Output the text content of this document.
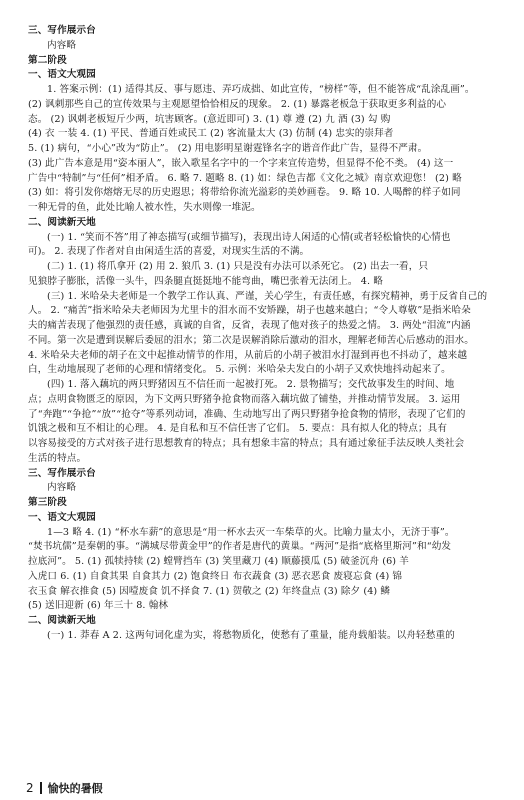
三、写作展示台
内容略
第二阶段
一、语文大观园
1. 答案示例：(1) 适得其反、事与愿违、弄巧成拙、如此宣传，“榜样”等，但不能答成“乱涂乱画”。
(2) 讽刺那些自己的宣传效果与主观愿望恰恰相反的现象。 2. (1) 暴露老板急于获取更多利益的心
态。 (2) 讽刺老板短斤少两，坑害顾客。(意近即可) 3. (1) 尊 遵 (2) 九 酒 (3) 勾 购
(4) 衣 一装 4. (1) 平民、普通百姓或民工 (2) 客流量太大 (3) 仿制 (4) 忠实的崇拜者
5. (1) 病句，“小心”改为“防止”。 (2) 用电影明星谢霆锋名字的谐音作此广告，显得不严肃。
(3) 此广告本意是用“姿本丽人”，嵌入歌星名字中的一个字来宣传造势，但显得不伦不类。 (4) 这一
广告中“特制”与“任何”相矛盾。 6. 略 7. 题略 8. (1) 如：绿色吉都《文化之城》南京欢迎您！ (2) 略
(3) 如：将引发你熔熔无尽的历史遐思；将带给你流光溢彩的美妙画卷。 9. 略 10. 人喝醉的样子如同
一种无骨的鱼，此处比喻人被水性，失水则像一堆泥。
二、阅读新天地
(一) 1. “笑而不答”用了神态描写(或细节描写)，表现出诗人闲适的心情(或者轻松愉快的心情也
可)。 2. 表现了作者对自由闲适生活的喜爱，对现实生活的不满。
(二) 1. (1) 将爪拿开 (2) 用 2. 狼爪 3. (1) 只是没有办法可以杀死它。 (2) 出去一看，只
见狼脖子膨胀，活像一头牛，四条腿直挺挺地不能弯曲，嘴巴张着无法闭上。 4. 略
(三) 1. 米哈朵夫老师是一个教学工作认真、严谨，关心学生，有责任感，有探究精神，勇于反省自己的
人。 2. “痛苦”指米哈朵夫老师因为尤里卡的泪水而不安矫躁，胡子也越来越白；“令人尊敬”是指米哈朵
夫的痛苦表现了他强烈的责任感，真诚的自省，反省，表现了他对孩子的热爱之情。 3. 两处“泪流”内涵
不同。第一次是遭到误解后委屈的泪水；第二次是误解消除后激动的泪水，理解老师苦心后感动的泪水。
4. 米哈朵夫老师的胡子在文中起推动情节的作用，从前后的小胡子被泪水打湿到再也不抖动了，越来越
白，生动地展现了老师的心理和情绪变化。 5. 示例：米哈朵夫发白的小胡子又欢快地抖动起来了。
(四) 1. 落入藕坑的两只野猪因互不信任而一起被打死。 2. 景物描写；交代故事发生的时间、地
点；点明食物匮乏的原因，为下文两只野猪争抢食物而落入藕坑做了铺垫，并推动情节发展。 3. 运用
了“奔跑”“争抢”“放”“抢夺”等系列动词，准确、生动地写出了两只野猪争抢食物的情形，表现了它们的
饥饿之极和互不相让的心理。 4. 是自私和互不信任害了它们。 5. 要点：具有拟人化的特点；具有
以容易接受的方式对孩子进行思想教育的特点；具有想象丰富的特点；具有通过象征手法反映人类社会
生活的特点。
三、写作展示台
内容略
第三阶段
一、语文大观园
1—3 略 4. (1) “杯水车薪”的意思是“用一杯水去灭一车柴草的火。比喻力量太小，无济于事”。
“焚书坑儒”是秦朝的事。“满城尽带黄金甲”的作者是唐代的黄巢。“两河”是指“底格里斯河”和“幼发
拉底河”。 5. (1) 孤犊持犊 (2) 螳臂挡车 (3) 笑里藏刀 (4) 顺藤摸瓜 (5) 破釜沉舟 (6) 羊
入虎口 6. (1) 自食其果 自食其力 (2) 饱食终日 布衣蔬食 (3) 恶衣恶食 废寝忘食 (4) 锦
衣玉食 解衣推食 (5) 因噎废食 饥不择食 7. (1) 贺敬之 (2) 年终盘点 (3) 除夕 (4) 鳞
(5) 送旧迎新 (6) 年三十 8. 翰林
二、阅读新天地
(一) 1. 莽春 A 2. 这两句词化虚为实，将愁物质化，使愁有了重量，能舟载船装。以舟轻愁重的
2 愉快的暑假
